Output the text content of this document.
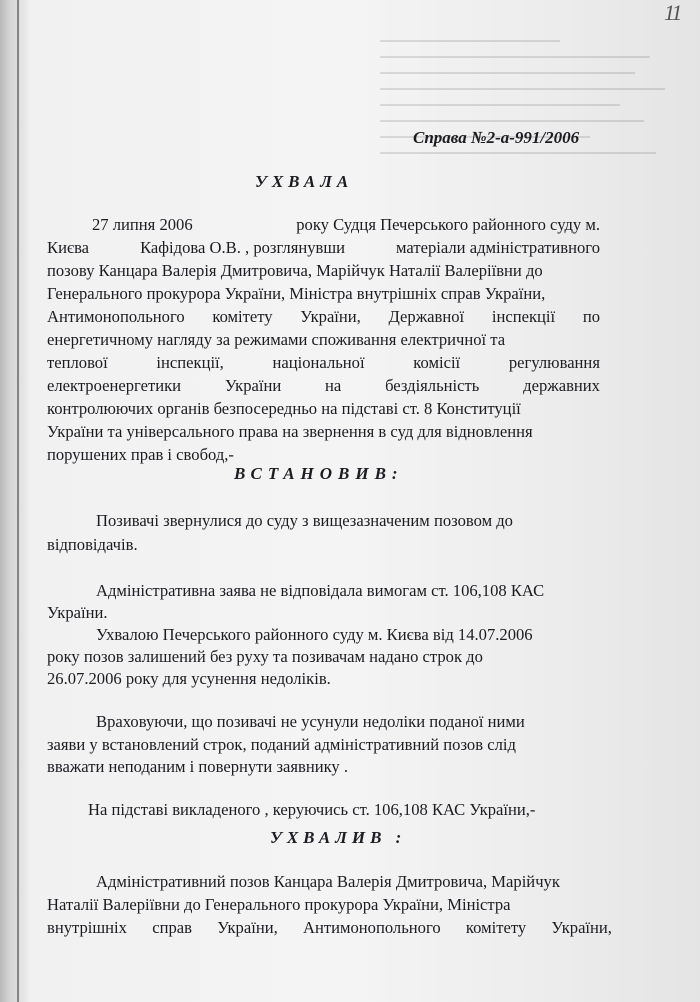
11
Справа №2-а-991/2006
УХВАЛА
27 липня 2006	року Судця Печерського районного суду м.
Києва	Кафідова О.В. , розглянувши	матеріали адміністративного
позову Канцара Валерія Дмитровича, Марійчук Наталії Валеріївни до
Генерального прокурора України, Міністра внутрішніх справ України,
Антимонопольного комітету України, Державної інспекції по
енергетичному нагляду за режимами споживання електричної та
теплової	інспекції,	національної	комісії	регулювання
електроенергетики	України	на	бездіяльність	державних
контролюючих органів безпосередньо на підставі ст. 8 Конституції
України та універсального права на звернення в суд для відновлення
порушених прав і свобод,-
ВСТАНОВИВ:
Позивачі звернулися до суду з вищезазначеним позовом до
відповідачів.
Адміністративна заява не відповідала вимогам ст. 106,108 КАС
України.
Ухвалою Печерського районного суду м. Києва від 14.07.2006
року позов залишений без руху та позивачам надано строк до
26.07.2006 року для усунення недоліків.
Враховуючи, що позивачі не усунули недоліки поданої ними
заяви у встановлений строк, поданий адміністративний позов слід
вважати неподаним і повернути заявнику .
На підставі викладеного , керуючись ст. 106,108 КАС України,-
УХВАЛИВ :
Адміністративний позов Канцара Валерія Дмитровича, Марійчук
Наталії Валеріївни до Генерального прокурора України, Міністра
внутрішніх справ України, Антимонопольного комітету України,
